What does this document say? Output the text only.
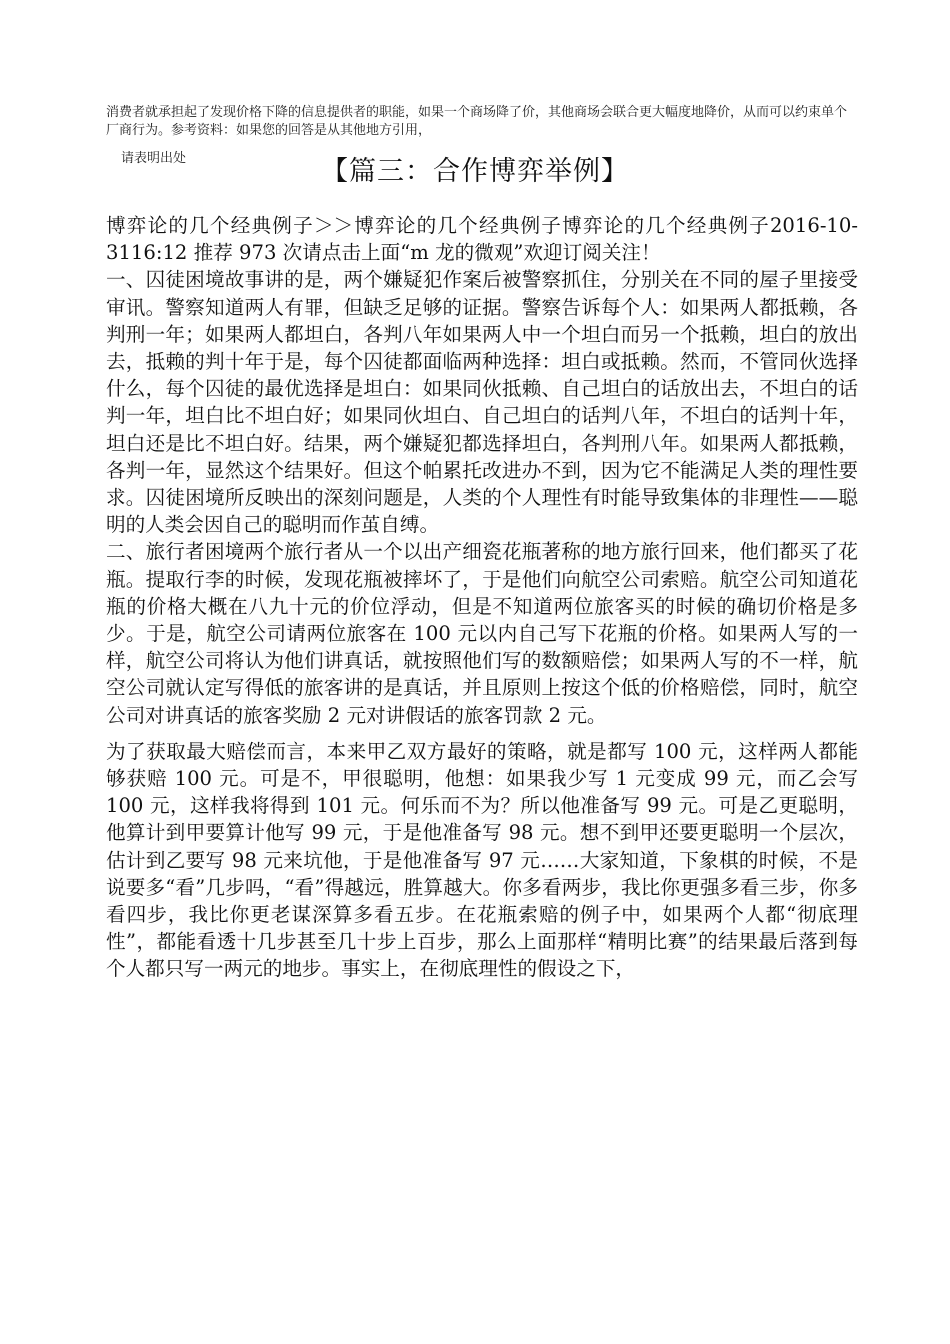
消费者就承担起了发现价格下降的信息提供者的职能，如果一个商场降了价，其他商场会联合更大幅度地降价，从而可以约束单个厂商行为。参考资料：如果您的回答是从其他地方引用，
请表明出处	【篇三：合作博弈举例】

博弈论的几个经典例子＞＞博弈论的几个经典例子博弈论的几个经典例子2016-10-3116:12 推荐 973 次请点击上面“m 龙的微观”欢迎订阅关注！

一、囚徒困境故事讲的是，两个嫌疑犯作案后被警察抓住，分别关在不同的屋子里接受审讯。警察知道两人有罪，但缺乏足够的证据。警察告诉每个人：如果两人都抵赖，各判刑一年；如果两人都坦白，各判八年如果两人中一个坦白而另一个抵赖，坦白的放出去，抵赖的判十年于是，每个囚徒都面临两种选择：坦白或抵赖。然而，不管同伙选择什么，每个囚徒的最优选择是坦白：如果同伙抵赖、自己坦白的话放出去，不坦白的话判一年，坦白比不坦白好；如果同伙坦白、自己坦白的话判八年，不坦白的话判十年，坦白还是比不坦白好。结果，两个嫌疑犯都选择坦白，各判刑八年。如果两人都抵赖，各判一年，显然这个结果好。但这个帕累托改进办不到，因为它不能满足人类的理性要求。囚徒困境所反映出的深刻问题是，人类的个人理性有时能导致集体的非理性——聪明的人类会因自己的聪明而作茧自缚。

二、旅行者困境两个旅行者从一个以出产细瓷花瓶著称的地方旅行回来，他们都买了花瓶。提取行李的时候，发现花瓶被摔坏了，于是他们向航空公司索赔。航空公司知道花瓶的价格大概在八九十元的价位浮动，但是不知道两位旅客买的时候的确切价格是多少。于是，航空公司请两位旅客在 100 元以内自己写下花瓶的价格。如果两人写的一样，航空公司将认为他们讲真话，就按照他们写的数额赔偿；如果两人写的不一样，航空公司就认定写得低的旅客讲的是真话，并且原则上按这个低的价格赔偿，同时，航空公司对讲真话的旅客奖励 2 元对讲假话的旅客罚款 2 元。

为了获取最大赔偿而言，本来甲乙双方最好的策略，就是都写 100 元，这样两人都能够获赔 100 元。可是不，甲很聪明，他想：如果我少写 1 元变成 99 元，而乙会写 100 元，这样我将得到 101 元。何乐而不为？所以他准备写 99 元。可是乙更聪明，他算计到甲要算计他写 99 元，于是他准备写 98 元。想不到甲还要更聪明一个层次，估计到乙要写 98 元来坑他，于是他准备写 97 元……大家知道，下象棋的时候，不是说要多“看”几步吗，“看”得越远，胜算越大。你多看两步，我比你更强多看三步，你多看四步，我比你更老谋深算多看五步。在花瓶索赔的例子中，如果两个人都“彻底理性”，都能看透十几步甚至几十步上百步，那么上面那样“精明比赛”的结果最后落到每个人都只写一两元的地步。事实上，在彻底理性的假设之下，
